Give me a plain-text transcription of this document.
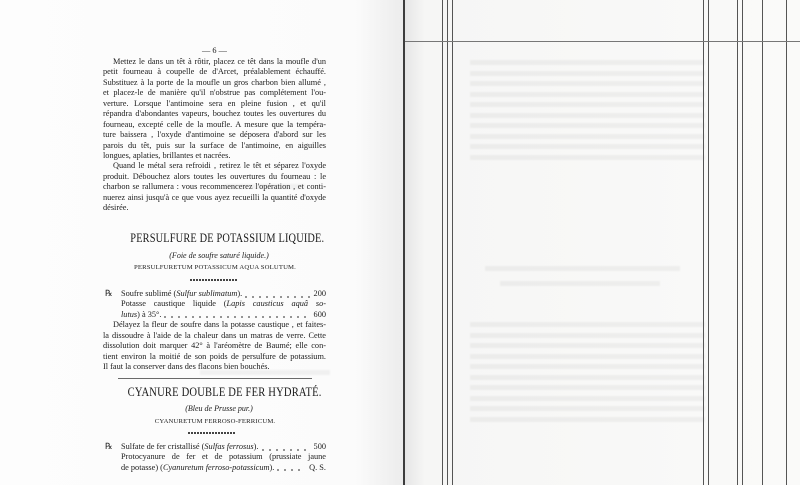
— 6 —
Mettez le dans un têt à rôtir, placez ce têt dans la moufle d'un
petit fourneau à coupelle de d'Arcet, préalablement échauffé.
Substituez à la porte de la moufle un gros charbon bien allumé ,
et placez-le de manière qu'il n'obstrue pas complétement l'ou-
verture. Lorsque l'antimoine sera en pleine fusion , et qu'il
répandra d'abondantes vapeurs, bouchez toutes les ouvertures du
fourneau, excepté celle de la moufle. A mesure que la tempéra-
ture baissera , l'oxyde d'antimoine se déposera d'abord sur les
parois du têt, puis sur la surface de l'antimoine, en aiguilles
longues, aplaties, brillantes et nacrées.
Quand le métal sera refroidi , retirez le têt et séparez l'oxyde
produit. Débouchez alors toutes les ouvertures du fourneau : le
charbon se rallumera : vous recommencerez l'opération , et conti-
nuerez ainsi jusqu'à ce que vous ayez recueilli la quantité d'oxyde
désirée.
PERSULFURE DE POTASSIUM LIQUIDE.
(Foie de soufre saturé liquide.)
PERSULFURETUM POTASSICUM AQUA SOLUTUM.
℞	Soufre sublimé (Sulfur sublimatum).	200
Potasse caustique liquide (Lapis causticus aquâ so-
lutus) à 35°.	600
Délayez la fleur de soufre dans la potasse caustique , et faites-
la dissoudre à l'aide de la chaleur dans un matras de verre. Cette
dissolution doit marquer 42° à l'aréomètre de Baumé; elle con-
tient environ la moitié de son poids de persulfure de potassium.
Il faut la conserver dans des flacons bien bouchés.
CYANURE DOUBLE DE FER HYDRATÉ.
(Bleu de Prusse pur.)
CYANURETUM FERROSO-FERRICUM.
℞	Sulfate de fer cristallisé (Sulfas ferrosus).	500
Protocyanure de fer et de potassium (prussiate jaune
de potasse) (Cyanuretum ferroso-potassicum).	Q. S.
